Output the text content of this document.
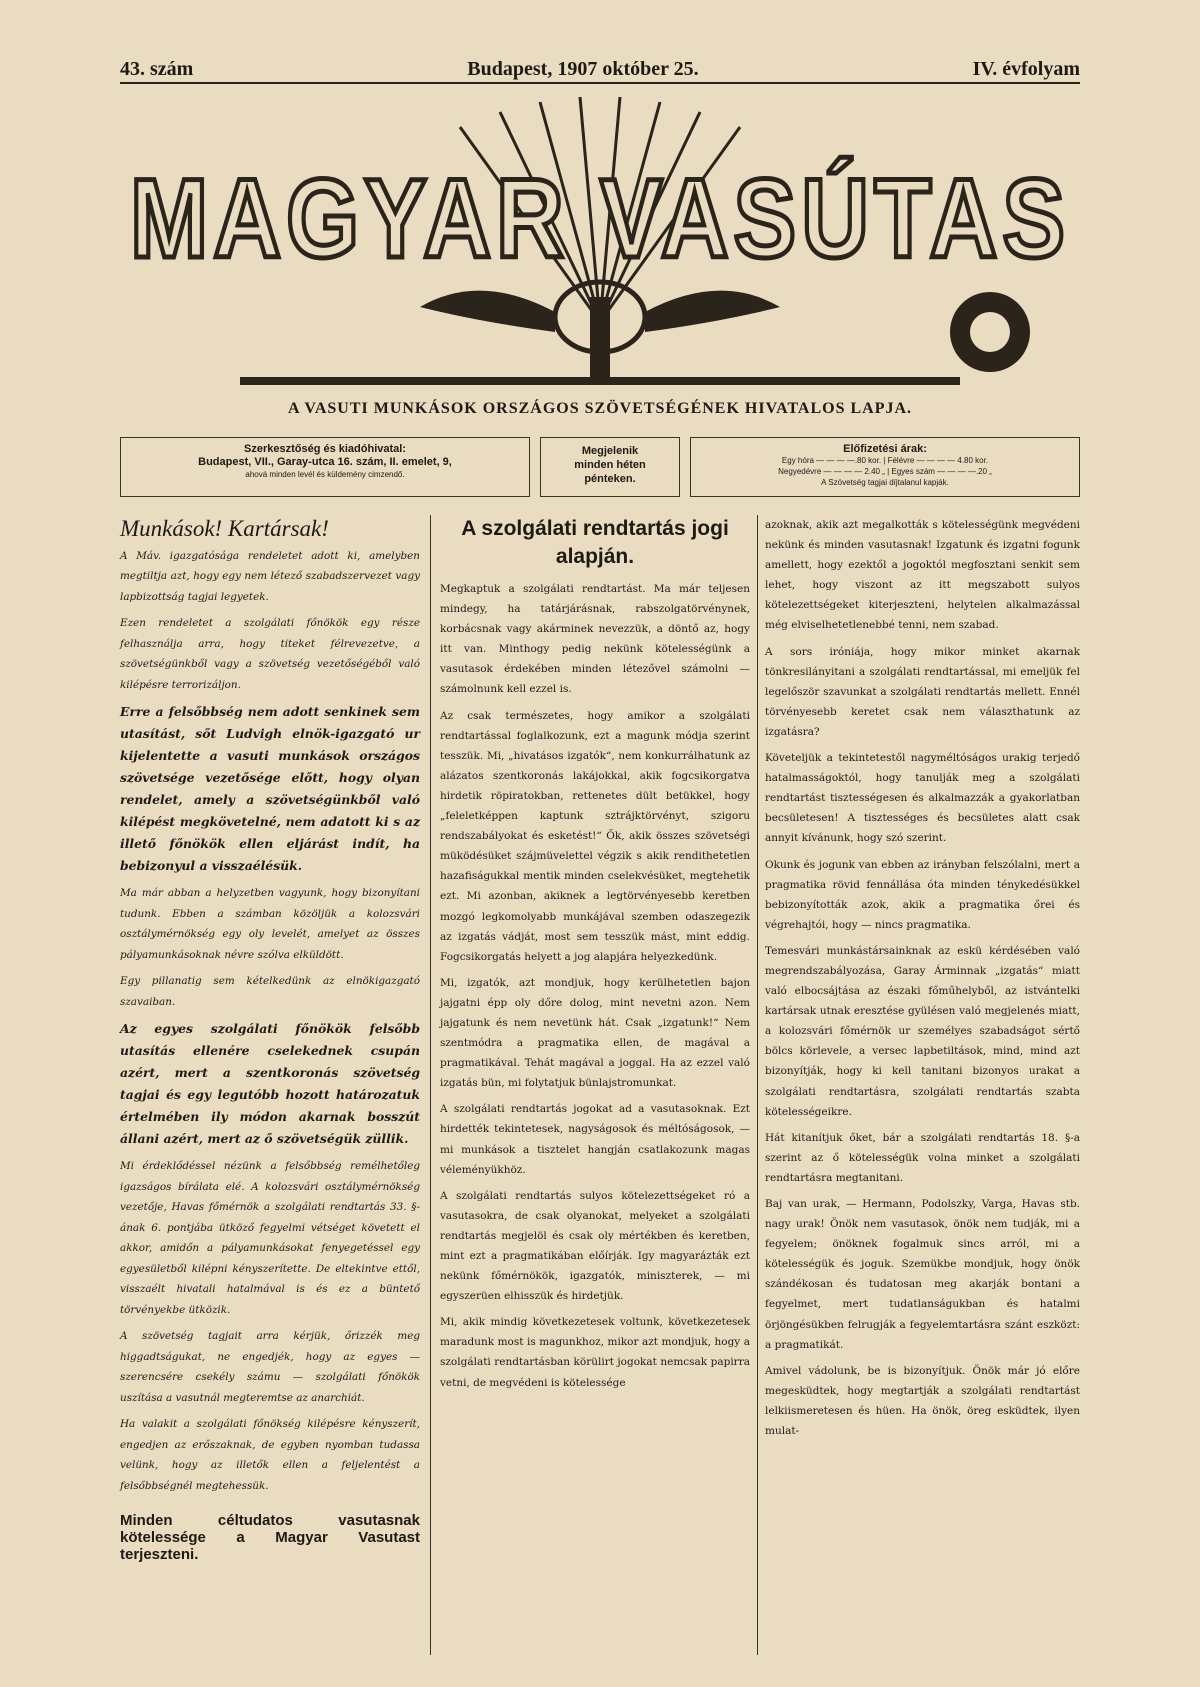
43. szám	Budapest, 1907 október 25.	IV. évfolyam
MAGYAR VASÚTAS
A VASUTI MUNKÁSOK ORSZÁGOS SZÖVETSÉGÉNEK HIVATALOS LAPJA.
Szerkesztőség és kiadóhivatal:
Budapest, VII., Garay-utca 16. szám, II. emelet, 9,
ahová minden levél és küldemény cimzendő.
Megjelenik
minden héten
pénteken.
Előfizetési árak:
Egy hóra — — — —.80 kor. | Félévre — — — — 4.80 kor.
Negyedévre — — — — 2.40 „ | Egyes szám — — — —.20 „
A Szövetség tagjai díjtalanul kapják.
Munkások! Kartársak!

A Máv. igazgatósága rendeletet adott ki, amelyben megtiltja azt, hogy egy nem létező szabadszervezet vagy lapbizottság tagjai legyetek.

Ezen rendeletet a szolgálati főnökök egy része felhasználja arra, hogy titeket félrevezetve, a szövetségünkből vagy a szövetség vezetőségéből való kilépésre terrorizáljon.

Erre a felsőbbség nem adott senkinek sem utasítást, sőt Ludvigh elnök-igazgató ur kijelentette a vasuti munkások országos szövetsége vezetősége előtt, hogy olyan rendelet, amely a szövetségünkből való kilépést megkövetelné, nem adatott ki s az illető főnökök ellen eljárást indít, ha bebizonyul a visszaélésük.

Ma már abban a helyzetben vagyunk, hogy bizonyítani tudunk. Ebben a számban közöljük a kolozsvári osztálymérnökség egy oly levelét, amelyet az összes pályamunkásoknak névre szólva elküldött.

Egy pillanatig sem kételkedünk az elnökigazgató szavaiban.

Az egyes szolgálati főnökök felsőbb utasítás ellenére cselekednek csupán azért, mert a szentkoronás szövetség tagjai és egy legutóbb hozott határozatuk értelmében ily módon akarnak bosszút állani azért, mert az ő szövetségük züllik.

Mi érdeklődéssel nézünk a felsőbbség remélhetőleg igazságos bírálata elé. A kolozsvári osztálymérnökség vezetője, Havas főmérnök a szolgálati rendtartás 33. §-ának 6. pontjába ütköző fegyelmi vétséget követett el akkor, amidőn a pályamunkásokat fenyegetéssel egy egyesületből kilépni kényszerítette. De eltekintve ettől, visszaélt hivatali hatalmával is és ez a büntető törvényekbe ütközik.

A szövetség tagjait arra kérjük, őrizzék meg higgadtságukat, ne engedjék, hogy az egyes — szerencsére csekély számu — szolgálati főnökök uszítása a vasutnál megteremtse az anarchiát.

Ha valakit a szolgálati főnökség kilépésre kényszerít, engedjen az erőszaknak, de egyben nyomban tudassa velünk, hogy az illetők ellen a feljelentést a felsőbbségnél megtehessük.

Minden céltudatos vasutasnak kötelessége a Magyar Vasutast terjeszteni.

A szolgálati rendtartás jogi alapján.

Megkaptuk a szolgálati rendtartást. Ma már teljesen mindegy, ha tatárjárásnak, rabszolgatörvénynek, korbácsnak vagy akárminek nevezzük, a döntő az, hogy itt van. Minthogy pedig nekünk kötelességünk a vasutasok érdekében minden létezővel számolni — számolnunk kell ezzel is.

Az csak természetes, hogy amikor a szolgálati rendtartással foglalkozunk, ezt a magunk módja szerint tesszük. Mi, „hivatásos izgatók“, nem konkurrálhatunk az alázatos szentkoronás lakájokkal, akik fogcsikorgatva hirdetik röpiratokban, rettenetes dült betükkel, hogy „feleletképpen kaptunk sztrájktörvényt, szigoru rendszabályokat és esketést!“ Ők, akik összes szövetségi müködésüket szájmüvelettel végzik s akik rendithetetlen hazafiságukkal mentik minden cselekvésüket, megtehetik ezt. Mi azonban, akiknek a legtörvényesebb keretben mozgó legkomolyabb munkájával szemben odaszegezik az izgatás vádját, most sem tesszük mást, mint eddig. Fogcsikorgatás helyett a jog alapjára helyezkedünk.

Mi, izgatók, azt mondjuk, hogy kerülhetetlen bajon jajgatni épp oly dőre dolog, mint nevetni azon. Nem jajgatunk és nem nevetünk hát. Csak „izgatunk!“ Nem szentmódra a pragmatika ellen, de magával a pragmatikával. Tehát magával a joggal. Ha az ezzel való izgatás bün, mi folytatjuk bünlajstromunkat.

A szolgálati rendtartás jogokat ad a vasutasoknak. Ezt hirdették tekintetesek, nagyságosok és méltóságosok, — mi munkások a tisztelet hangján csatlakozunk magas véleményükhöz.

A szolgálati rendtartás sulyos kötelezettségeket ró a vasutasokra, de csak olyanokat, melyeket a szolgálati rendtartás megjelöl és csak oly mértékben és keretben, mint ezt a pragmatikában előírják. Igy magyarázták ezt nekünk főmérnökök, igazgatók, miniszterek, — mi egyszerüen elhisszük és hirdetjük.

Mi, akik mindig következetesek voltunk, következetesek maradunk most is magunkhoz, mikor azt mondjuk, hogy a szolgálati rendtartásban körülirt jogokat nemcsak papirra vetni, de megvédeni is kötelessége

azoknak, akik azt megalkották s kötelességünk megvédeni nekünk és minden vasutasnak! Izgatunk és izgatni fogunk amellett, hogy ezektől a jogoktól megfosztani senkit sem lehet, hogy viszont az itt megszabott sulyos kötelezettségeket kiterjeszteni, helytelen alkalmazással még elviselhetetlenebbé tenni, nem szabad.

A sors iróniája, hogy mikor minket akarnak tönkresilányitani a szolgálati rendtartással, mi emeljük fel legelőször szavunkat a szolgálati rendtartás mellett. Ennél törvényesebb keretet csak nem választhatunk az izgatásra?

Követeljük a tekintetestől nagyméltóságos urakig terjedő hatalmasságoktól, hogy tanulják meg a szolgálati rendtartást tisztességesen és alkalmazzák a gyakorlatban becsületesen! A tisztességes és becsületes alatt csak annyit kívánunk, hogy szó szerint.

Okunk és jogunk van ebben az irányban felszólalni, mert a pragmatika rövid fennállása óta minden ténykedésükkel bebizonyították azok, akik a pragmatika őrei és végrehajtói, hogy — nincs pragmatika.

Temesvári munkástársainknak az eskü kérdésében való megrendszabályozása, Garay Árminnak „izgatás“ miatt való elbocsájtása az északi főműhelyből, az istvántelki kartársak utnak eresztése gyülésen való megjelenés miatt, a kolozsvári főmérnök ur személyes szabadságot sértő bölcs körlevele, a versec lapbetiltások, mind, mind azt bizonyítják, hogy ki kell tanitani bizonyos urakat a szolgálati rendtartásra, szolgálati rendtartás szabta kötelességeikre.

Hát kitanítjuk őket, bár a szolgálati rendtartás 18. §-a szerint az ő kötelességük volna minket a szolgálati rendtartásra megtanitani.

Baj van urak, — Hermann, Podolszky, Varga, Havas stb. nagy urak! Önök nem vasutasok, önök nem tudják, mi a fegyelem; önöknek fogalmuk sincs arról, mi a kötelességük és joguk. Szemükbe mondjuk, hogy önök szándékosan és tudatosan meg akarják bontani a fegyelmet, mert tudatlanságukban és hatalmi örjöngésükben felrugják a fegyelemtartásra szánt eszközt: a pragmatikát.

Amivel vádolunk, be is bizonyítjuk. Önök már jó előre megesküdtek, hogy megtartják a szolgálati rendtartást lelkiismeretesen és hüen. Ha önök, öreg esküdtek, ilyen mulat-
